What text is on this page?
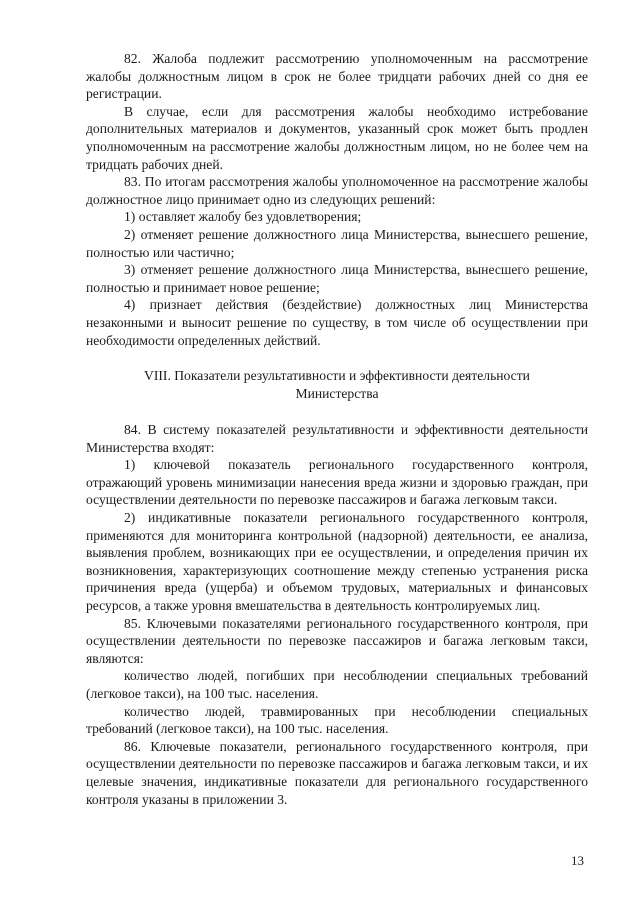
82. Жалоба подлежит рассмотрению уполномоченным на рассмотрение жалобы должностным лицом в срок не более тридцати рабочих дней со дня ее регистрации.

В случае, если для рассмотрения жалобы необходимо истребование дополнительных материалов и документов, указанный срок может быть продлен уполномоченным на рассмотрение жалобы должностным лицом, но не более чем на тридцать рабочих дней.

83. По итогам рассмотрения жалобы уполномоченное на рассмотрение жалобы должностное лицо принимает одно из следующих решений:

1) оставляет жалобу без удовлетворения;

2) отменяет решение должностного лица Министерства, вынесшего решение, полностью или частично;

3) отменяет решение должностного лица Министерства, вынесшего решение, полностью и принимает новое решение;

4) признает действия (бездействие) должностных лиц Министерства незаконными и выносит решение по существу, в том числе об осуществлении при необходимости определенных действий.

VIII. Показатели результативности и эффективности деятельности
Министерства

84. В систему показателей результативности и эффективности деятельности Министерства входят:

1) ключевой показатель регионального государственного контроля, отражающий уровень минимизации нанесения вреда жизни и здоровью граждан, при осуществлении деятельности по перевозке пассажиров и багажа легковым такси.

2) индикативные показатели регионального государственного контроля, применяются для мониторинга контрольной (надзорной) деятельности, ее анализа, выявления проблем, возникающих при ее осуществлении, и определения причин их возникновения, характеризующих соотношение между степенью устранения риска причинения вреда (ущерба) и объемом трудовых, материальных и финансовых ресурсов, а также уровня вмешательства в деятельность контролируемых лиц.

85. Ключевыми показателями регионального государственного контроля, при осуществлении деятельности по перевозке пассажиров и багажа легковым такси, являются:

количество людей, погибших при несоблюдении специальных требований (легковое такси), на 100 тыс. населения.

количество людей, травмированных при несоблюдении специальных требований (легковое такси), на 100 тыс. населения.

86. Ключевые показатели, регионального государственного контроля, при осуществлении деятельности по перевозке пассажиров и багажа легковым такси, и их целевые значения, индикативные показатели для регионального государственного контроля указаны в приложении 3.

13
